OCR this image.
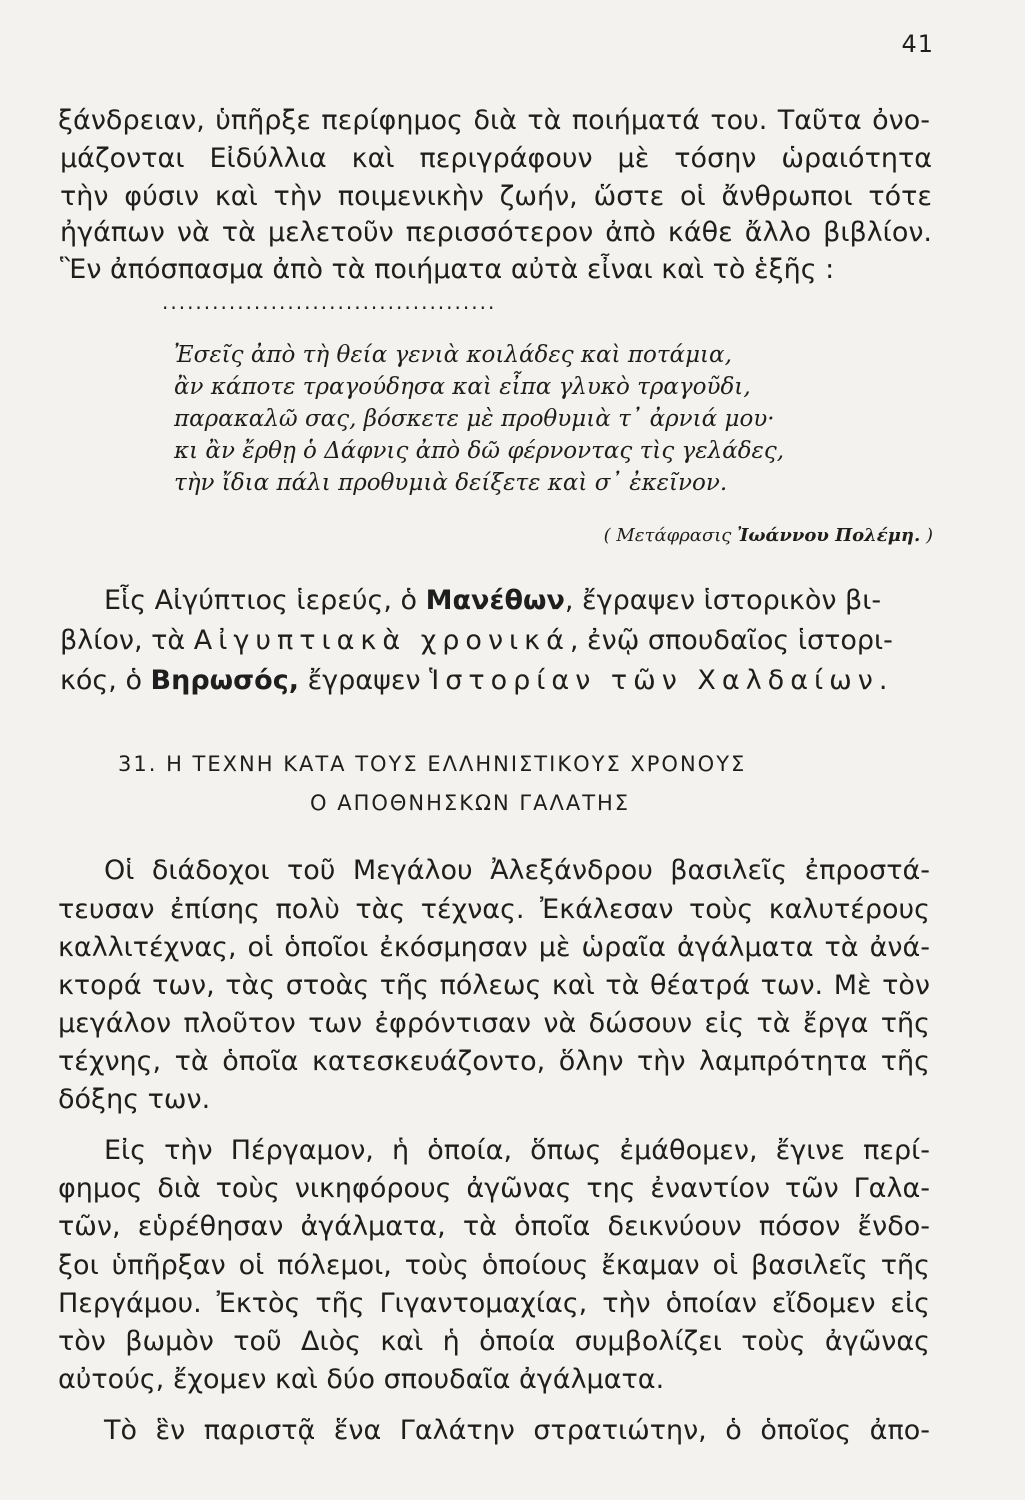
41
ξάνδρειαν, ὑπῆρξε περίφημος διὰ τὰ ποιήματά του. Ταῦτα ὀνο-
μάζονται Εἰδύλλια καὶ περιγράφουν μὲ τόσην ὡραιότητα
τὴν φύσιν καὶ τὴν ποιμενικὴν ζωήν, ὥστε οἱ ἄνθρωποι τότε
ἠγάπων νὰ τὰ μελετοῦν περισσότερον ἀπὸ κάθε ἄλλο βιβλίον.
Ἓν ἀπόσπασμα ἀπὸ τὰ ποιήματα αὐτὰ εἶναι καὶ τὸ ἑξῆς :
........................................
Ἐσεῖς ἀπὸ τὴ θεία γενιὰ κοιλάδες καὶ ποτάμια,
ἂν κάποτε τραγούδησα καὶ εἶπα γλυκὸ τραγοῦδι,
παρακαλῶ σας, βόσκετε μὲ προθυμιὰ τ᾽ ἀρνιά μου·
κι ἂν ἔρθῃ ὁ Δάφνις ἀπὸ δῶ φέρνοντας τὶς γελάδες,
τὴν ἴδια πάλι προθυμιὰ δείξετε καὶ σ᾽ ἐκεῖνον.
( Μετάφρασις Ἰωάννου Πολέμη. )
Εἷς Αἰγύπτιος ἱερεύς, ὁ Μανέθων, ἔγραψεν ἱστορικὸν βι-
βλίον, τὰ Αἰγυπτιακὰ χρονικά, ἐνῷ σπουδαῖος ἱστορι-
κός, ὁ Βηρωσός, ἔγραψεν Ἱστορίαν τῶν Χαλδαίων.
31. Η ΤΕΧΝΗ ΚΑΤΑ ΤΟΥΣ ΕΛΛΗΝΙΣΤΙΚΟΥΣ ΧΡΟΝΟΥΣ
Ο ΑΠΟΘΝΗΣΚΩΝ ΓΑΛΑΤΗΣ
Οἱ διάδοχοι τοῦ Μεγάλου Ἀλεξάνδρου βασιλεῖς ἐπροστά-
τευσαν ἐπίσης πολὺ τὰς τέχνας. Ἐκάλεσαν τοὺς καλυτέρους
καλλιτέχνας, οἱ ὁποῖοι ἐκόσμησαν μὲ ὡραῖα ἀγάλματα τὰ ἀνά-
κτορά των, τὰς στοὰς τῆς πόλεως καὶ τὰ θέατρά των. Μὲ τὸν
μεγάλον πλοῦτον των ἐφρόντισαν νὰ δώσουν εἰς τὰ ἔργα τῆς
τέχνης, τὰ ὁποῖα κατεσκευάζοντο, ὅλην τὴν λαμπρότητα τῆς
δόξης των.
Εἰς τὴν Πέργαμον, ἡ ὁποία, ὅπως ἐμάθομεν, ἔγινε περί-
φημος διὰ τοὺς νικηφόρους ἀγῶνας της ἐναντίον τῶν Γαλα-
τῶν, εὑρέθησαν ἀγάλματα, τὰ ὁποῖα δεικνύουν πόσον ἔνδο-
ξοι ὑπῆρξαν οἱ πόλεμοι, τοὺς ὁποίους ἔκαμαν οἱ βασιλεῖς τῆς
Περγάμου. Ἐκτὸς τῆς Γιγαντομαχίας, τὴν ὁποίαν εἴδομεν εἰς
τὸν βωμὸν τοῦ Διὸς καὶ ἡ ὁποία συμβολίζει τοὺς ἀγῶνας
αὐτούς, ἔχομεν καὶ δύο σπουδαῖα ἀγάλματα.
Τὸ ἓν παριστᾷ ἕνα Γαλάτην στρατιώτην, ὁ ὁποῖος ἀπο-
